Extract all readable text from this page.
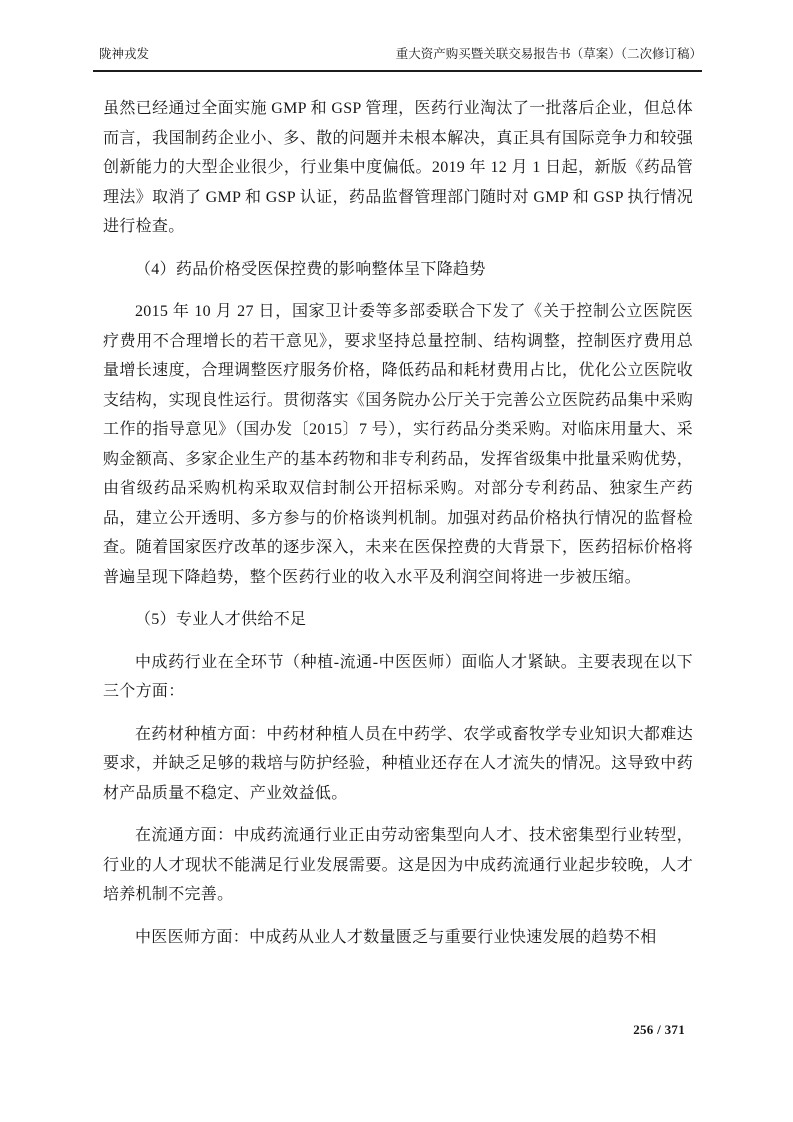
陇神戎发	重大资产购买暨关联交易报告书（草案）（二次修订稿）

虽然已经通过全面实施 GMP 和 GSP 管理，医药行业淘汰了一批落后企业，但总体而言，我国制药企业小、多、散的问题并未根本解决，真正具有国际竞争力和较强创新能力的大型企业很少，行业集中度偏低。2019 年 12 月 1 日起，新版《药品管理法》取消了 GMP 和 GSP 认证，药品监督管理部门随时对 GMP 和 GSP 执行情况进行检查。

（4）药品价格受医保控费的影响整体呈下降趋势

2015 年 10 月 27 日，国家卫计委等多部委联合下发了《关于控制公立医院医疗费用不合理增长的若干意见》，要求坚持总量控制、结构调整，控制医疗费用总量增长速度，合理调整医疗服务价格，降低药品和耗材费用占比，优化公立医院收支结构，实现良性运行。贯彻落实《国务院办公厅关于完善公立医院药品集中采购工作的指导意见》（国办发〔2015〕7 号），实行药品分类采购。对临床用量大、采购金额高、多家企业生产的基本药物和非专利药品，发挥省级集中批量采购优势，由省级药品采购机构采取双信封制公开招标采购。对部分专利药品、独家生产药品，建立公开透明、多方参与的价格谈判机制。加强对药品价格执行情况的监督检查。随着国家医疗改革的逐步深入，未来在医保控费的大背景下，医药招标价格将普遍呈现下降趋势，整个医药行业的收入水平及利润空间将进一步被压缩。

（5）专业人才供给不足

中成药行业在全环节（种植-流通-中医医师）面临人才紧缺。主要表现在以下三个方面：

在药材种植方面：中药材种植人员在中药学、农学或畜牧学专业知识大都难达要求，并缺乏足够的栽培与防护经验，种植业还存在人才流失的情况。这导致中药材产品质量不稳定、产业效益低。

在流通方面：中成药流通行业正由劳动密集型向人才、技术密集型行业转型，行业的人才现状不能满足行业发展需要。这是因为中成药流通行业起步较晚，人才培养机制不完善。

中医医师方面：中成药从业人才数量匮乏与重要行业快速发展的趋势不相

256 / 371
